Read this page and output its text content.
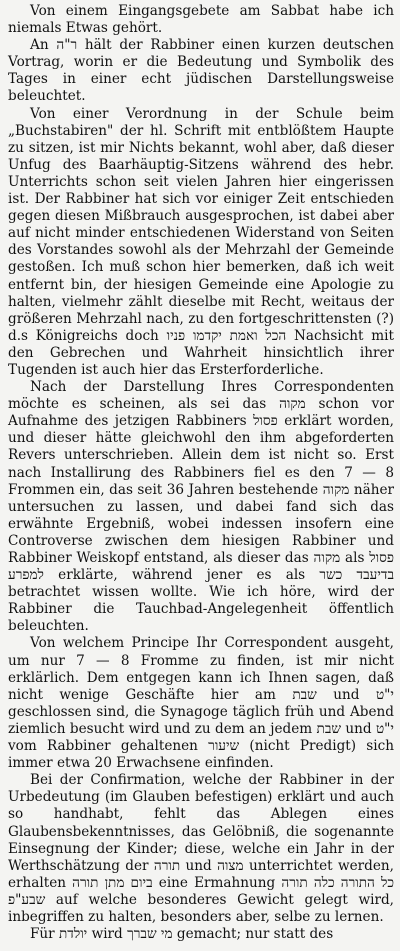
Von einem Eingangsgebete am Sabbat habe ich niemals Etwas gehört.

An ר"ה hält der Rabbiner einen kurzen deutschen Vortrag, worin er die Bedeutung und Symbolik des Tages in einer echt jüdischen Darstellungsweise beleuchtet.

Von einer Verordnung in der Schule beim „Buchstabiren" der hl. Schrift mit entblößtem Haupte zu sitzen, ist mir Nichts bekannt, wohl aber, daß dieser Unfug des Baarhäuptig-Sitzens während des hebr. Unterrichts schon seit vielen Jahren hier eingerissen ist. Der Rabbiner hat sich vor einiger Zeit entschieden gegen diesen Mißbrauch ausgesprochen, ist dabei aber auf nicht minder entschiedenen Widerstand von Seiten des Vorstandes sowohl als der Mehrzahl der Gemeinde gestoßen. Ich muß schon hier bemerken, daß ich weit entfernt bin, der hiesigen Gemeinde eine Apologie zu halten, vielmehr zählt dieselbe mit Recht, weitaus der größeren Mehrzahl nach, zu den fortgeschrittensten (?) d.s Königreichs doch הכל ואמת יקדמו פניו Nachsicht mit den Gebrechen und Wahrheit hinsichtlich ihrer Tugenden ist auch hier das Ersterforderliche.

Nach der Darstellung Ihres Correspondenten möchte es scheinen, als sei das מקוה schon vor Aufnahme des jetzigen Rabbiners פסול erklärt worden, und dieser hätte gleichwohl den ihm abgeforderten Revers unterschrieben. Allein dem ist nicht so. Erst nach Installirung des Rabbiners fiel es den 7 — 8 Frommen ein, das seit 36 Jahren bestehende מקוה näher untersuchen zu lassen, und dabei fand sich das erwähnte Ergebniß, wobei indessen insofern eine Controverse zwischen dem hiesigen Rabbiner und Rabbiner Weiskopf entstand, als dieser das מקוה als פסול למפרע erklärte, während jener es als בדיעבד כשר betrachtet wissen wollte. Wie ich höre, wird der Rabbiner die Tauchbad-Angelegenheit öffentlich beleuchten.

Von welchem Principe Ihr Correspondent ausgeht, um nur 7 — 8 Fromme zu finden, ist mir nicht erklärlich. Dem entgegen kann ich Ihnen sagen, daß nicht wenige Geschäfte hier am שבת und י"ט geschlossen sind, die Synagoge täglich früh und Abend ziemlich besucht wird und zu dem an jedem שבת und י"ט vom Rabbiner gehaltenen שיעור (nicht Predigt) sich immer etwa 20 Erwachsene einfinden.

Bei der Confirmation, welche der Rabbiner in der Urbedeutung (im Glauben befestigen) erklärt und auch so handhabt, fehlt das Ablegen eines Glaubensbekenntnisses, das Gelöbniß, die sogenannte Einsegnung der Kinder; diese, welche ein Jahr in der Werthschätzung der תורה und מצוה unterrichtet werden, erhalten ביום מתן תורה eine Ermahnung כל התורה כלה תורה שבע"פ auf welche besonderes Gewicht gelegt wird, inbegriffen zu halten, besonders aber, selbe zu lernen.

Für יולדת wird מי שברך gemacht; nur statt des
